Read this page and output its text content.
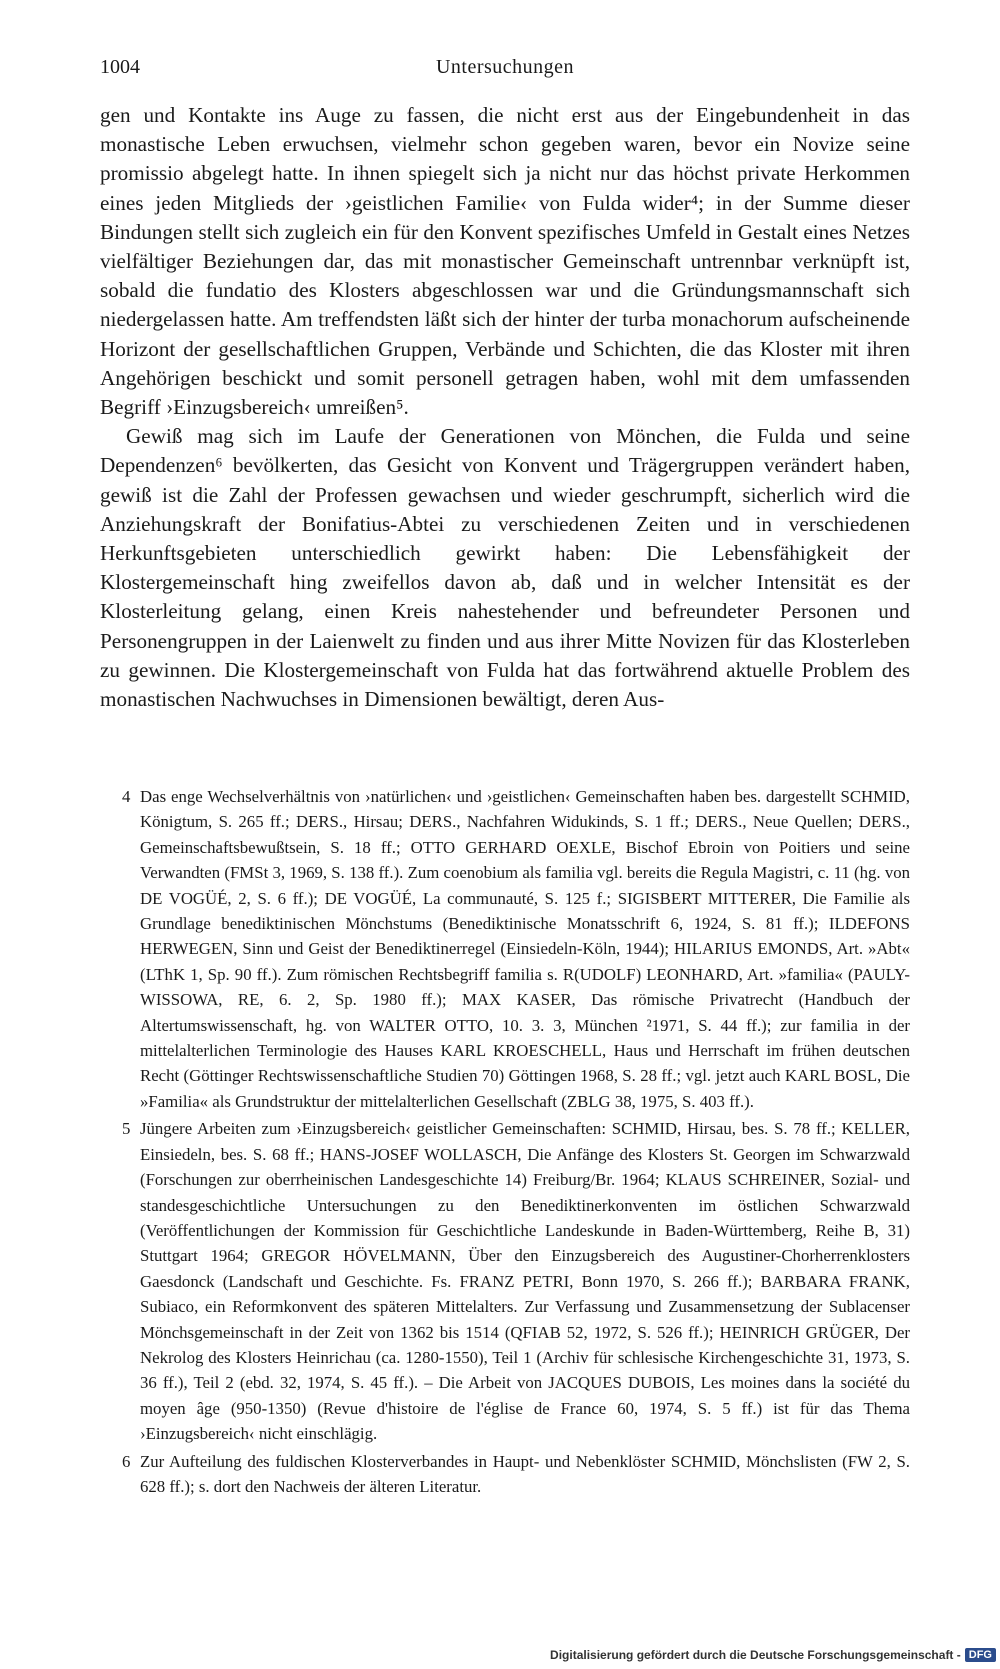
1004	Untersuchungen

gen und Kontakte ins Auge zu fassen, die nicht erst aus der Eingebundenheit in das monastische Leben erwuchsen, vielmehr schon gegeben waren, bevor ein Novize seine promissio abgelegt hatte. In ihnen spiegelt sich ja nicht nur das höchst private Herkommen eines jeden Mitglieds der ›geistlichen Familie‹ von Fulda wider⁴; in der Summe dieser Bindungen stellt sich zugleich ein für den Konvent spezifisches Umfeld in Gestalt eines Netzes vielfältiger Beziehungen dar, das mit monastischer Gemeinschaft untrennbar verknüpft ist, sobald die fundatio des Klosters abgeschlossen war und die Gründungsmannschaft sich niedergelassen hatte. Am treffendsten läßt sich der hinter der turba monachorum aufscheinende Horizont der gesellschaftlichen Gruppen, Verbände und Schichten, die das Kloster mit ihren Angehörigen beschickt und somit personell getragen haben, wohl mit dem umfassenden Begriff ›Einzugsbereich‹ umreißen⁵.

Gewiß mag sich im Laufe der Generationen von Mönchen, die Fulda und seine Dependenzen⁶ bevölkerten, das Gesicht von Konvent und Trägergruppen verändert haben, gewiß ist die Zahl der Professen gewachsen und wieder geschrumpft, sicherlich wird die Anziehungskraft der Bonifatius-Abtei zu verschiedenen Zeiten und in verschiedenen Herkunftsgebieten unterschiedlich gewirkt haben: Die Lebensfähigkeit der Klostergemeinschaft hing zweifellos davon ab, daß und in welcher Intensität es der Klosterleitung gelang, einen Kreis nahestehender und befreundeter Personen und Personengruppen in der Laienwelt zu finden und aus ihrer Mitte Novizen für das Klosterleben zu gewinnen. Die Klostergemeinschaft von Fulda hat das fortwährend aktuelle Problem des monastischen Nachwuchses in Dimensionen bewältigt, deren Aus-

4 Das enge Wechselverhältnis von ›natürlichen‹ und ›geistlichen‹ Gemeinschaften haben bes. dargestellt SCHMID, Königtum, S. 265 ff.; DERS., Hirsau; DERS., Nachfahren Widukinds, S. 1 ff.; DERS., Neue Quellen; DERS., Gemeinschaftsbewußtsein, S. 18 ff.; OTTO GERHARD OEXLE, Bischof Ebroin von Poitiers und seine Verwandten (FMSt 3, 1969, S. 138 ff.). Zum coenobium als familia vgl. bereits die Regula Magistri, c. 11 (hg. von DE VOGÜÉ, 2, S. 6 ff.); DE VOGÜÉ, La communauté, S. 125 f.; SIGISBERT MITTERER, Die Familie als Grundlage benediktinischen Mönchstums (Benediktinische Monatsschrift 6, 1924, S. 81 ff.); ILDEFONS HERWEGEN, Sinn und Geist der Benediktinerregel (Einsiedeln-Köln, 1944); HILARIUS EMONDS, Art. »Abt« (LThK 1, Sp. 90 ff.). Zum römischen Rechtsbegriff familia s. R(UDOLF) LEONHARD, Art. »familia« (PAULY-WISSOWA, RE, 6. 2, Sp. 1980 ff.); MAX KASER, Das römische Privatrecht (Handbuch der Altertumswissenschaft, hg. von WALTER OTTO, 10. 3. 3, München ²1971, S. 44 ff.); zur familia in der mittelalterlichen Terminologie des Hauses KARL KROESCHELL, Haus und Herrschaft im frühen deutschen Recht (Göttinger Rechtswissenschaftliche Studien 70) Göttingen 1968, S. 28 ff.; vgl. jetzt auch KARL BOSL, Die »Familia« als Grundstruktur der mittelalterlichen Gesellschaft (ZBLG 38, 1975, S. 403 ff.).
5 Jüngere Arbeiten zum ›Einzugsbereich‹ geistlicher Gemeinschaften: SCHMID, Hirsau, bes. S. 78 ff.; KELLER, Einsiedeln, bes. S. 68 ff.; HANS-JOSEF WOLLASCH, Die Anfänge des Klosters St. Georgen im Schwarzwald (Forschungen zur oberrheinischen Landesgeschichte 14) Freiburg/Br. 1964; KLAUS SCHREINER, Sozial- und standesgeschichtliche Untersuchungen zu den Benediktinerkonventen im östlichen Schwarzwald (Veröffentlichungen der Kommission für Geschichtliche Landeskunde in Baden-Württemberg, Reihe B, 31) Stuttgart 1964; GREGOR HÖVELMANN, Über den Einzugsbereich des Augustiner-Chorherrenklosters Gaesdonck (Landschaft und Geschichte. Fs. FRANZ PETRI, Bonn 1970, S. 266 ff.); BARBARA FRANK, Subiaco, ein Reformkonvent des späteren Mittelalters. Zur Verfassung und Zusammensetzung der Sublacenser Mönchsgemeinschaft in der Zeit von 1362 bis 1514 (QFIAB 52, 1972, S. 526 ff.); HEINRICH GRÜGER, Der Nekrolog des Klosters Heinrichau (ca. 1280-1550), Teil 1 (Archiv für schlesische Kirchengeschichte 31, 1973, S. 36 ff.), Teil 2 (ebd. 32, 1974, S. 45 ff.). – Die Arbeit von JACQUES DUBOIS, Les moines dans la société du moyen âge (950-1350) (Revue d'histoire de l'église de France 60, 1974, S. 5 ff.) ist für das Thema ›Einzugsbereich‹ nicht einschlägig.
6 Zur Aufteilung des fuldischen Klosterverbandes in Haupt- und Nebenklöster SCHMID, Mönchslisten (FW 2, S. 628 ff.); s. dort den Nachweis der älteren Literatur.
Digitalisierung gefördert durch die Deutsche Forschungsgemeinschaft - DFG
